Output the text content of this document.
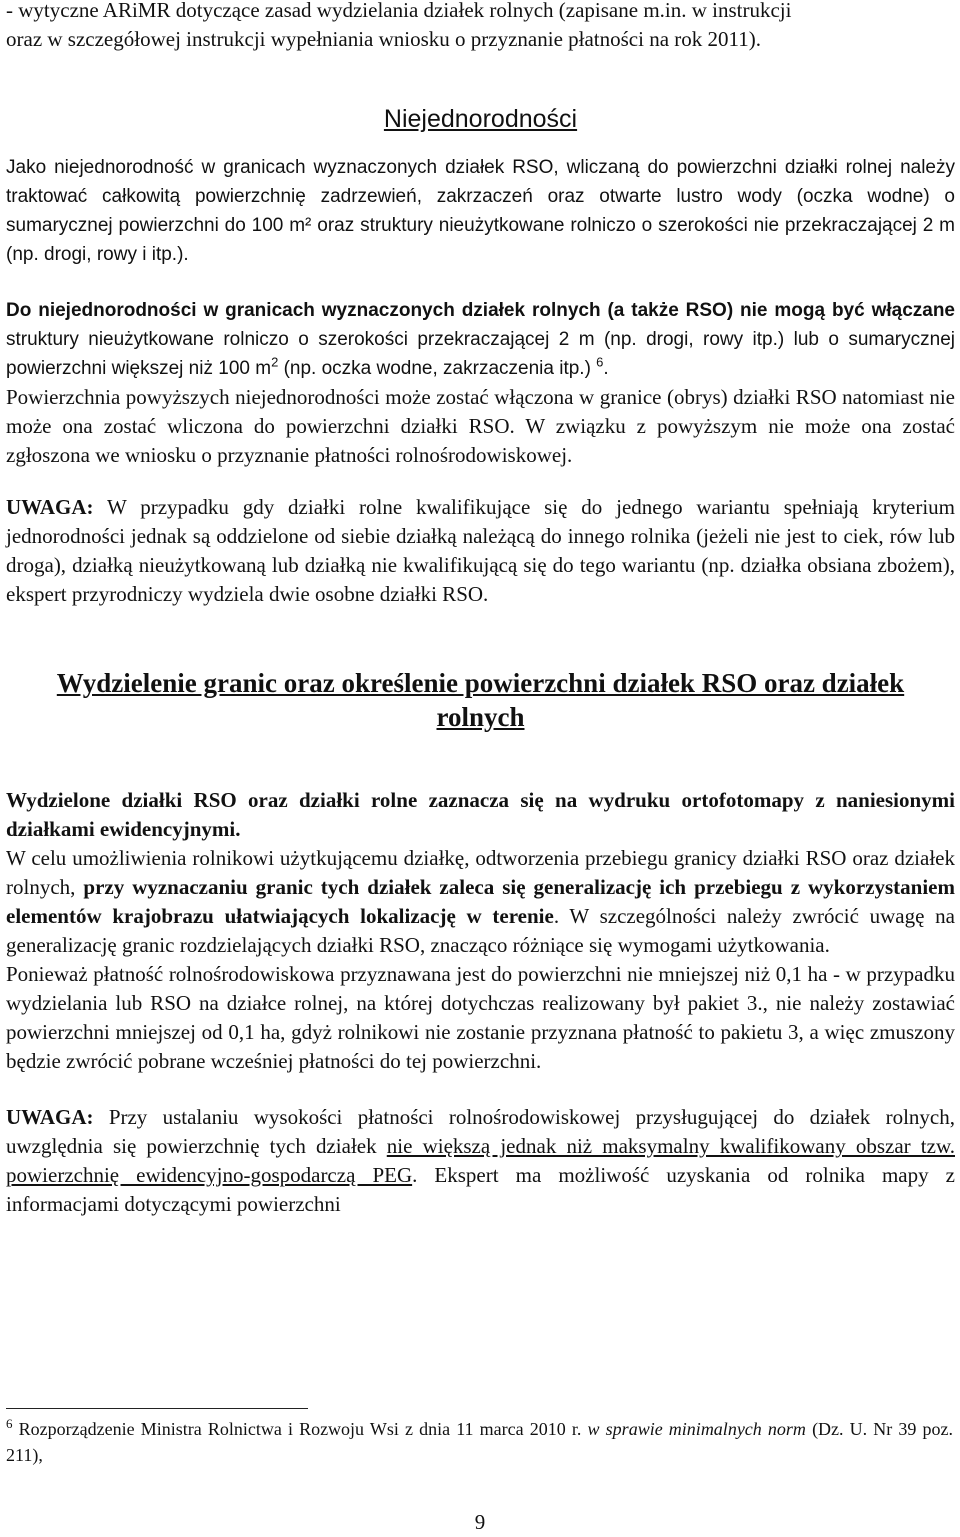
- wytyczne ARiMR dotyczące zasad wydzielania działek rolnych (zapisane m.in. w instrukcji
oraz w szczegółowej instrukcji wypełniania wniosku o przyznanie płatności na rok 2011).

Niejednorodności

Jako niejednorodność w granicach wyznaczonych działek RSO, wliczaną do powierzchni działki rolnej należy traktować całkowitą powierzchnię zadrzewień, zakrzaczeń oraz otwarte lustro wody (oczka wodne) o sumarycznej powierzchni do 100 m² oraz struktury nieużytkowane rolniczo o szerokości nie przekraczającej 2 m (np. drogi, rowy i itp.).

Do niejednorodności w granicach wyznaczonych działek rolnych (a także RSO) nie mogą być włączane struktury nieużytkowane rolniczo o szerokości przekraczającej 2 m (np. drogi, rowy itp.) lub o sumarycznej powierzchni większej niż 100 $m^2$ (np. oczka wodne, zakrzaczenia itp.) $^6$.

Powierzchnia powyższych niejednorodności może zostać włączona w granice (obrys) działki RSO natomiast nie może ona zostać wliczona do powierzchni działki RSO. W związku z powyższym nie może ona zostać zgłoszona we wniosku o przyznanie płatności rolnośrodowiskowej.

UWAGA: W przypadku gdy działki rolne kwalifikujące się do jednego wariantu spełniają kryterium jednorodności jednak są oddzielone od siebie działką należącą do innego rolnika (jeżeli nie jest to ciek, rów lub droga), działką nieużytkowaną lub działką nie kwalifikującą się do tego wariantu (np. działka obsiana zbożem), ekspert przyrodniczy wydziela dwie osobne działki RSO.

Wydzielenie granic oraz określenie powierzchni działek RSO oraz działek rolnych

Wydzielone działki RSO oraz działki rolne zaznacza się na wydruku ortofotomapy z naniesionymi działkami ewidencyjnymi.

W celu umożliwienia rolnikowi użytkującemu działkę, odtworzenia przebiegu granicy działki RSO oraz działek rolnych, przy wyznaczaniu granic tych działek zaleca się generalizację ich przebiegu z wykorzystaniem elementów krajobrazu ułatwiających lokalizację w terenie. W szczególności należy zwrócić uwagę na generalizację granic rozdzielających działki RSO, znacząco różniące się wymogami użytkowania.

Ponieważ płatność rolnośrodowiskowa przyznawana jest do powierzchni nie mniejszej niż 0,1 ha - w przypadku wydzielania lub RSO na działce rolnej, na której dotychczas realizowany był pakiet 3., nie należy zostawiać powierzchni mniejszej od 0,1 ha, gdyż rolnikowi nie zostanie przyznana płatność to pakietu 3, a więc zmuszony będzie zwrócić pobrane wcześniej płatności do tej powierzchni.

UWAGA: Przy ustalaniu wysokości płatności rolnośrodowiskowej przysługującej do działek rolnych, uwzględnia się powierzchnię tych działek nie większą jednak niż maksymalny kwalifikowany obszar tzw. powierzchnię ewidencyjno-gospodarczą PEG. Ekspert ma możliwość uzyskania od rolnika mapy z informacjami dotyczącymi powierzchni

$^6$ Rozporządzenie Ministra Rolnictwa i Rozwoju Wsi z dnia 11 marca 2010 r. w sprawie minimalnych norm (Dz. U. Nr 39 poz. 211),
9
